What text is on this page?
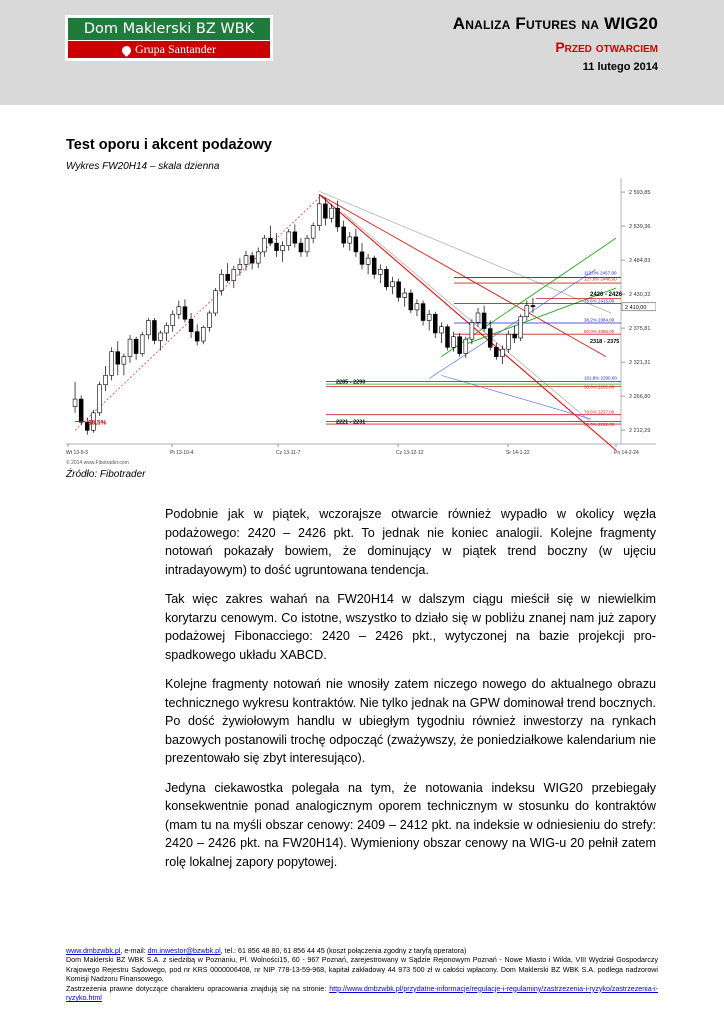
Dom Maklerski BZ WBK
Grupa Santander
Analiza Futures na WIG20
Przed otwarciem
11 lutego 2014
Test oporu i akcent podażowy
Wykres FW20H14 – skala dzienna
2 593,85
2 539,36
2 484,83
2 430,32
2 375,81
2 321,31
2 266,80
2 212,29
Wt 13-9-3	Pt 13-10-4	Cz 13-11-7	Cz 13-12-12	Śr 14-1-22	Pn 14-2-24
© 2014 www.Fibotrader.com
88,5%
2420 - 2426
2318 - 2375
2285 - 2290
2221 - 2231
113,0% 2457,00
127,0% 2448,00
78,6% 2415,00
38,2% 2384,00
50,0% 2366,00
161,8% 2290,00
38,0% 2282,00
78,6% 2237,00
50,0% 2222,00
2 410,00
Źródło: Fibotrader

Podobnie jak w piątek, wczorajsze otwarcie również wypadło w okolicy węzła podażowego: 2420 – 2426 pkt. To jednak nie koniec analogii. Kolejne fragmenty notowań pokazały bowiem, że dominujący w piątek trend boczny (w ujęciu intradayowym) to dość ugruntowana tendencja.

Tak więc zakres wahań na FW20H14 w dalszym ciągu mieścił się w niewielkim korytarzu cenowym. Co istotne, wszystko to działo się w pobliżu znanej nam już zapory podażowej Fibonacciego: 2420 – 2426 pkt., wytyczonej na bazie projekcji pro-spadkowego układu XABCD.

Kolejne fragmenty notowań nie wnosiły zatem niczego nowego do aktualnego obrazu technicznego wykresu kontraktów. Nie tylko jednak na GPW dominował trend bocznych. Po dość żywiołowym handlu w ubiegłym tygodniu również inwestorzy na rynkach bazowych postanowili trochę odpocząć (zważywszy, że poniedziałkowe kalendarium nie prezentowało się zbyt interesująco).

Jedyna ciekawostka polegała na tym, że notowania indeksu WIG20 przebiegały konsekwentnie ponad analogicznym oporem technicznym w stosunku do kontraktów (mam tu na myśli obszar cenowy: 2409 – 2412 pkt. na indeksie w odniesieniu do strefy: 2420 – 2426 pkt. na FW20H14). Wymieniony obszar cenowy na WIG-u 20 pełnił zatem rolę lokalnej zapory popytowej.

www.dmbzwbk.pl, e-mail: dm.inwestor@bzwbk.pl, tel.: 61 856 48 80, 61 856 44 45 (koszt połączenia zgodny z taryfą operatora)
Dom Maklerski BZ WBK S.A. z siedzibą w Poznaniu, Pl. Wolności15, 60 - 967 Poznań, zarejestrowany w Sądzie Rejonowym Poznań - Nowe Miasto i Wilda, VIII Wydział Gospodarczy Krajowego Rejestru Sądowego, pod nr KRS 0000006408, nr NIP 778-13-59-968, kapitał zakładowy 44 973 500 zł w całości wpłacony. Dom Maklerski BZ WBK S.A. podlega nadzorowi Komisji Nadzoru Finansowego.
Zastrzeżenia prawne dotyczące charakteru opracowania znajdują się na stronie: http://www.dmbzwbk.pl/przydatne-informacje/regulacje-i-regulaminy/zastrzezenia-i-ryzyko/zastrzezenia-i-ryzyko.html
